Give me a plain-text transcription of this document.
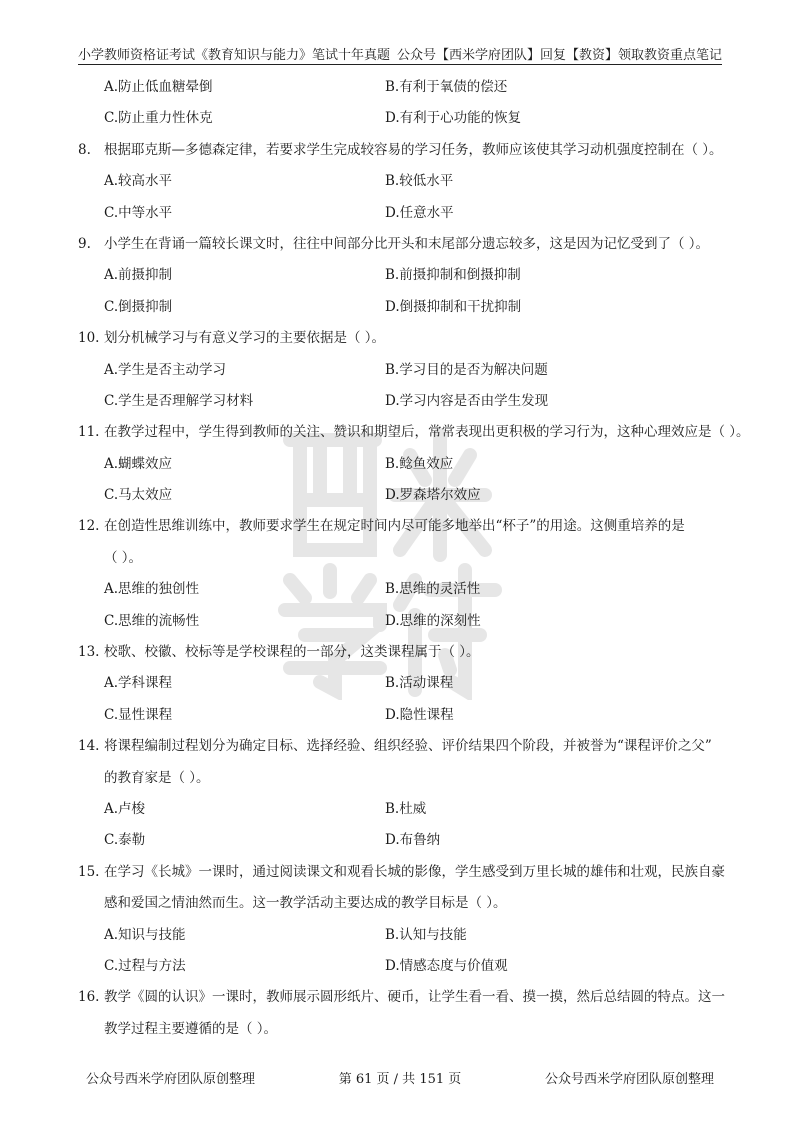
小学教师资格证考试《教育知识与能力》笔试十年真题 公众号【西米学府团队】回复【教资】领取教资重点笔记
A.防止低血糖晕倒	B.有利于氧债的偿还
C.防止重力性休克	D.有利于心功能的恢复
8. 根据耶克斯—多德森定律，若要求学生完成较容易的学习任务，教师应该使其学习动机强度控制在（ ）。
A.较高水平	B.较低水平
C.中等水平	D.任意水平
9. 小学生在背诵一篇较长课文时，往往中间部分比开头和末尾部分遗忘较多，这是因为记忆受到了（ ）。
A.前摄抑制	B.前摄抑制和倒摄抑制
C.倒摄抑制	D.倒摄抑制和干扰抑制
10. 划分机械学习与有意义学习的主要依据是（ ）。
A.学生是否主动学习	B.学习目的是否为解决问题
C.学生是否理解学习材料	D.学习内容是否由学生发现
11. 在教学过程中，学生得到教师的关注、赞识和期望后，常常表现出更积极的学习行为，这种心理效应是（ ）。
A.蝴蝶效应	B.鲶鱼效应
C.马太效应	D.罗森塔尔效应
12. 在创造性思维训练中，教师要求学生在规定时间内尽可能多地举出“杯子”的用途。这侧重培养的是
（ ）。
A.思维的独创性	B.思维的灵活性
C.思维的流畅性	D.思维的深刻性
13. 校歌、校徽、校标等是学校课程的一部分，这类课程属于（ ）。
A.学科课程	B.活动课程
C.显性课程	D.隐性课程
14. 将课程编制过程划分为确定目标、选择经验、组织经验、评价结果四个阶段，并被誉为“课程评价之父”
的教育家是（ ）。
A.卢梭	B.杜威
C.泰勒	D.布鲁纳
15. 在学习《长城》一课时，通过阅读课文和观看长城的影像，学生感受到万里长城的雄伟和壮观，民族自豪
感和爱国之情油然而生。这一教学活动主要达成的教学目标是（ ）。
A.知识与技能	B.认知与技能
C.过程与方法	D.情感态度与价值观
16. 教学《圆的认识》一课时，教师展示圆形纸片、硬币，让学生看一看、摸一摸，然后总结圆的特点。这一
教学过程主要遵循的是（ ）。
公众号西米学府团队原创整理	第 61 页 / 共 151 页	公众号西米学府团队原创整理
